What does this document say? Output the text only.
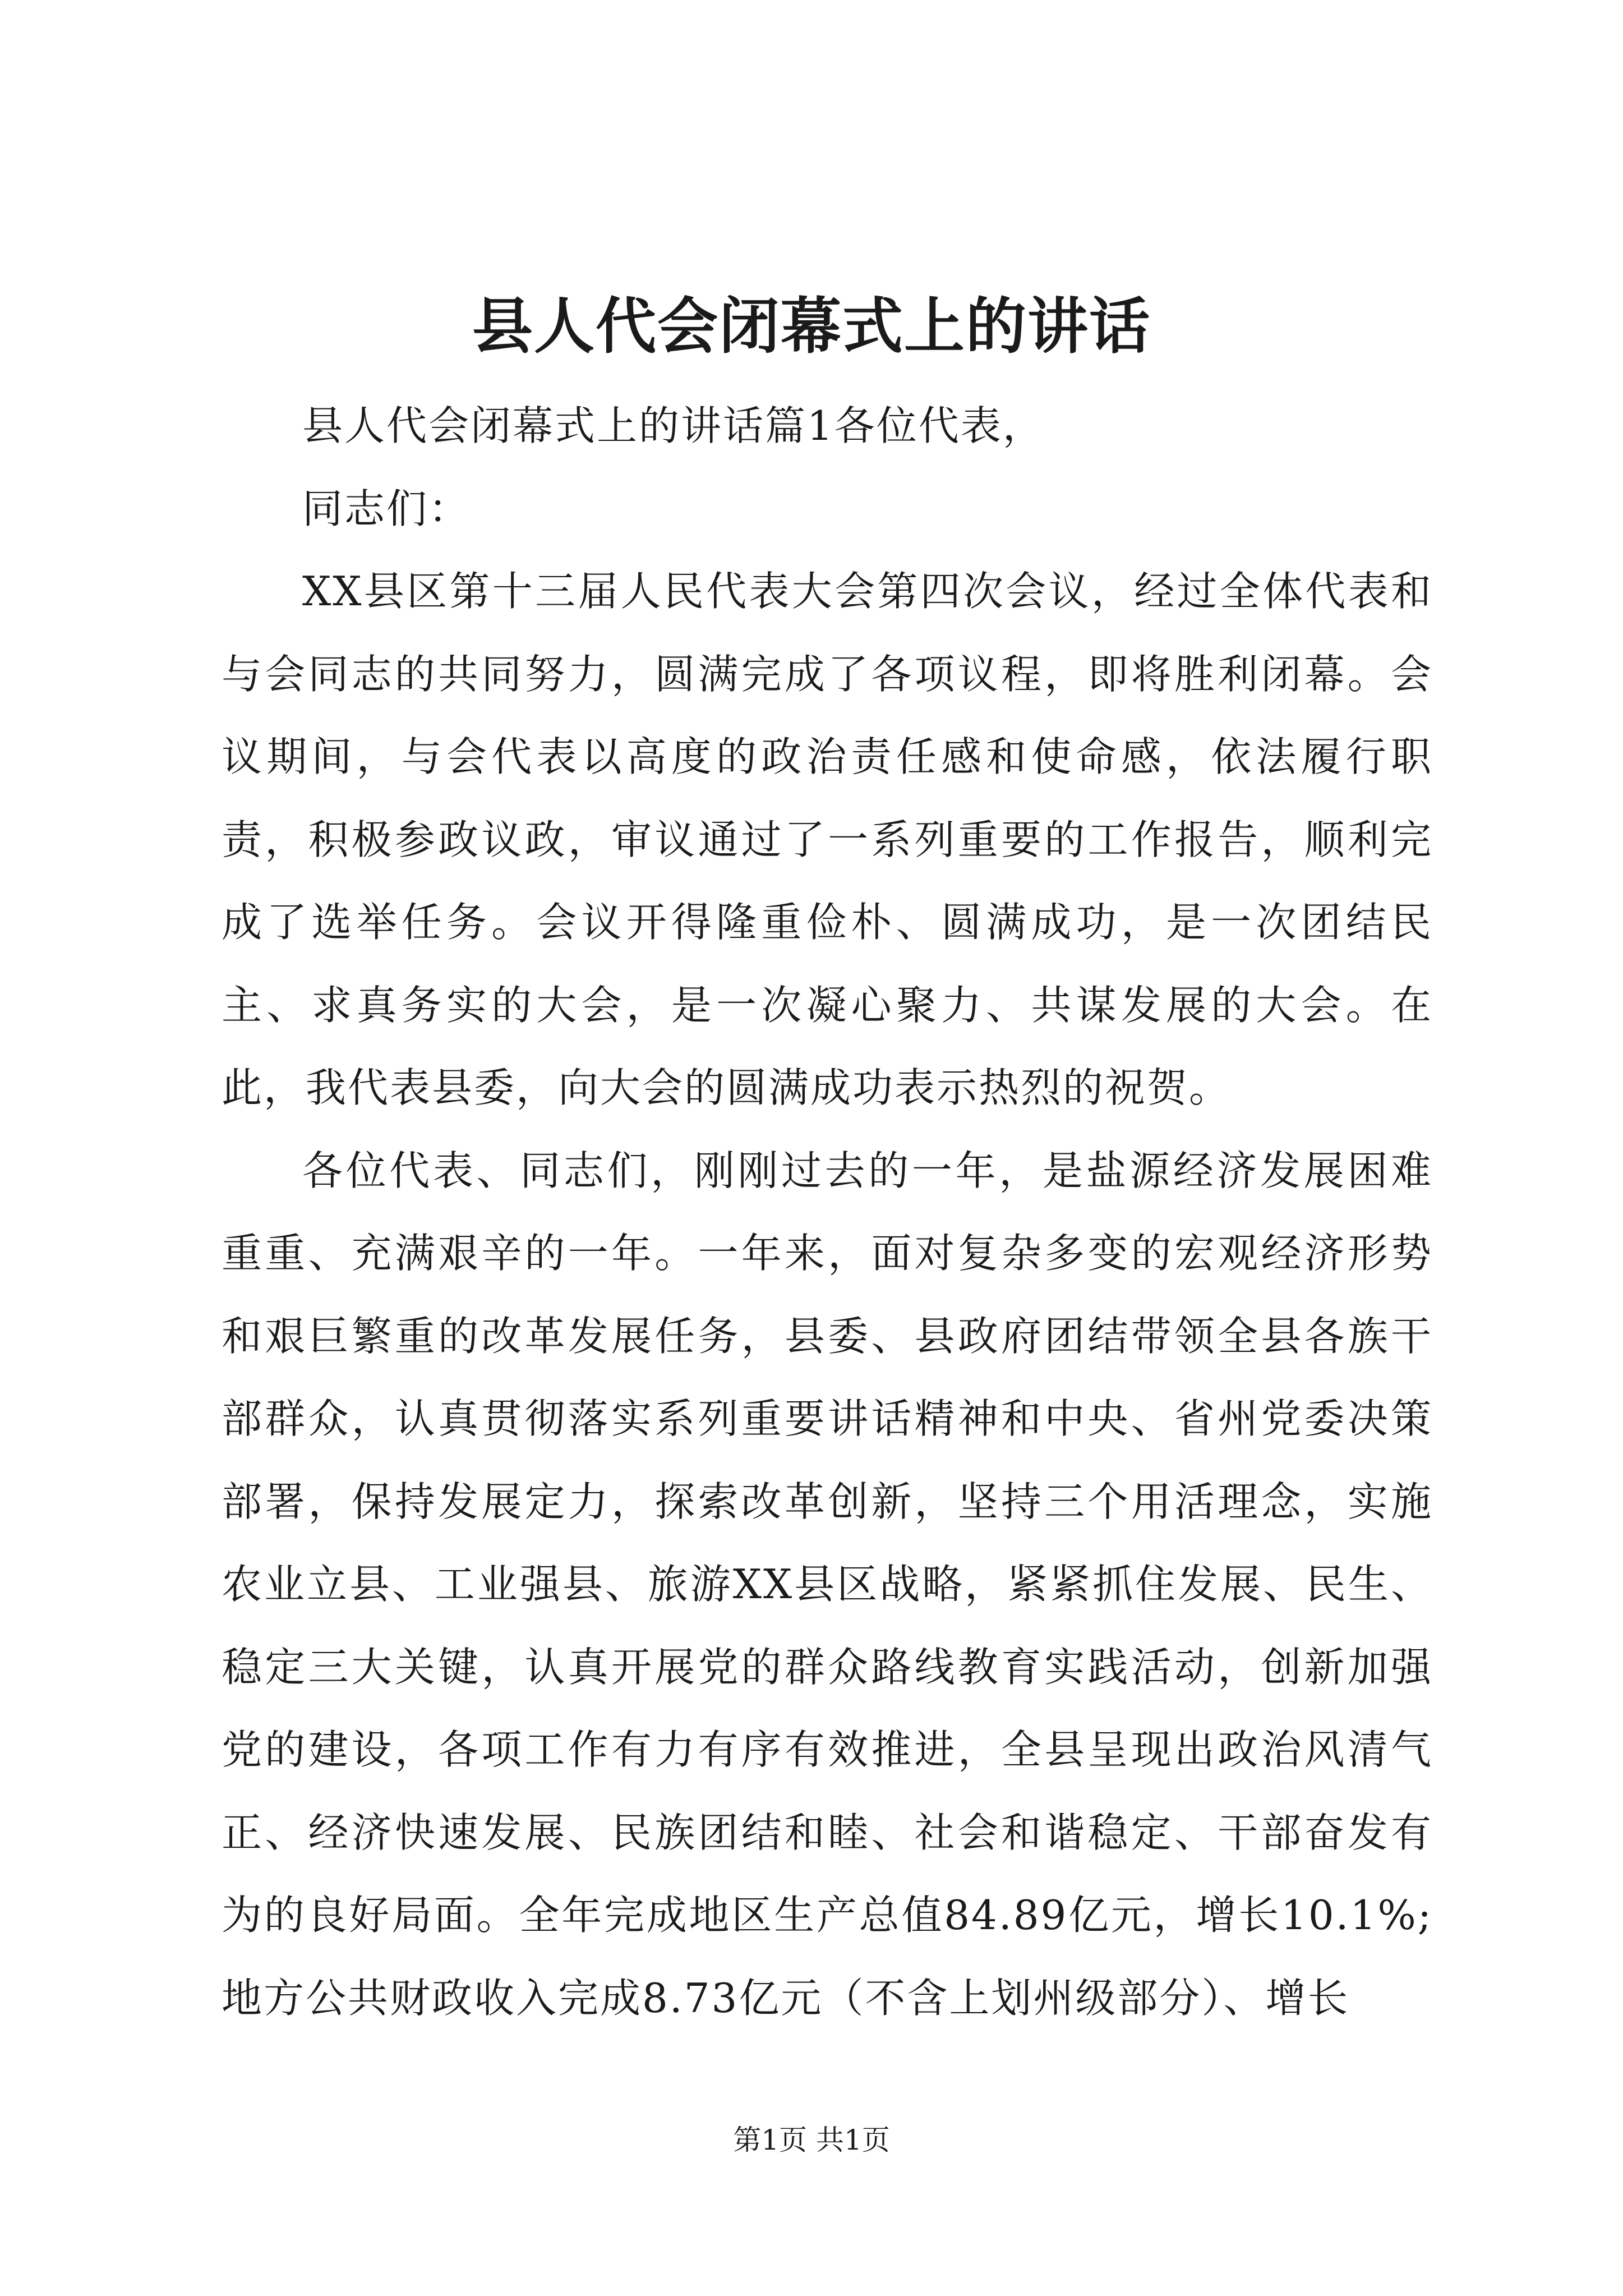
县人代会闭幕式上的讲话

县人代会闭幕式上的讲话篇1各位代表，

同志们：

XX县区第十三届人民代表大会第四次会议，经过全体代表和与会同志的共同努力，圆满完成了各项议程，即将胜利闭幕。会议期间，与会代表以高度的政治责任感和使命感，依法履行职责，积极参政议政，审议通过了一系列重要的工作报告，顺利完成了选举任务。会议开得隆重俭朴、圆满成功，是一次团结民主、求真务实的大会，是一次凝心聚力、共谋发展的大会。在此，我代表县委，向大会的圆满成功表示热烈的祝贺。

各位代表、同志们，刚刚过去的一年，是盐源经济发展困难重重、充满艰辛的一年。一年来，面对复杂多变的宏观经济形势和艰巨繁重的改革发展任务，县委、县政府团结带领全县各族干部群众，认真贯彻落实系列重要讲话精神和中央、省州党委决策部署，保持发展定力，探索改革创新，坚持三个用活理念，实施农业立县、工业强县、旅游XX县区战略，紧紧抓住发展、民生、稳定三大关键，认真开展党的群众路线教育实践活动，创新加强党的建设，各项工作有力有序有效推进，全县呈现出政治风清气正、经济快速发展、民族团结和睦、社会和谐稳定、干部奋发有为的良好局面。全年完成地区生产总值84.89亿元，增长10.1%;地方公共财政收入完成8.73亿元（不含上划州级部分）、增长

第1页 共1页
